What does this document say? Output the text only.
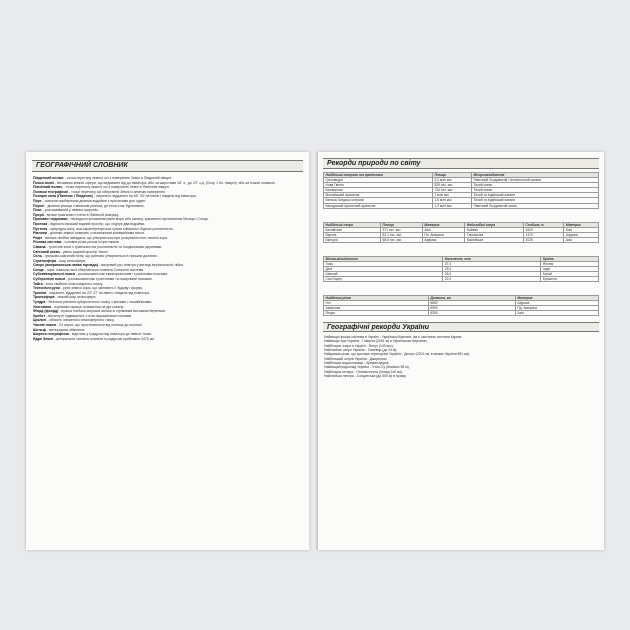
ГЕОГРАФІЧНИЙ СЛОВНИК

Південний полюс - точка перетину земної осі з поверхнею Землі в Південній півкулі.

Пояси земні - великими земної сфери, що видовжені від до екватора, або за широтами 16° з., до 23° з.д. (Сезу, 1 бо. півкулі), або за іншою ознакою.

Північний полюс - точка перетину земної осі з поверхнею Землі в Північній півкулі.

Полюси географічні - точки перетину осі обертання Землі із земною поверхнею.

Полярні кола (Північне і Південне) - паралелі, віддалені на 66° 33' на північ і південь від екватора.

Порт - освоєна прибережна ділянка водойми з причалами для суден.

Порогі - ділянка річища з великим ухилом, де течія стає бурхливою.

Пояс - розташований у певних широтах.

Прерії - великі трав'янисті степи в Північній Америці.

Приливи і відпливи - періодичні коливання рівня моря або океану, зумовлені притяганням Місяця і Сонця.

Протока - відносно вузький водний простір, що з'єднує два водойми.

Пустеля - природна зона, яка характеризується сухим кліматом і бідною рослинністю.

Рівнини - ділянки земної поверхні з незначними коливаннями висот.

Рифт - велика лінійна западина, що утворюється при розсуванні плит земної кори.

Річкова система - головна річка разом із притоками.

Савана - тропічна зона з трав'янистою рослинністю та поодинокими деревами.

Світовий океан - увесь водний простір Землі.

Сель - грязьово-кам'яний потік, що раптово утворюється в гірських долинах.

Стратосфера - шар атмосфери.

Смерч (американська назва торнадо) - вихровий рух повітря у вигляді вертикальної лійки.

Сонце - зоря, навколо якої обертаються планети Сонячної системи.

Субекваторіальні пояси - розташовані між екваторіальним і тропічними поясами.

Субтропічні пояси - розташовані між тропічними та помірними поясами.

Тайга - зона хвойних лісів помірного поясу.

Тектонічні рухи - рухи земної кори, що змінюють її будову і форму.

Тропіки - паралелі, віддалені на 23° 27' на північ і південь від екватора.

Тропосфера - нижній шар атмосфери.

Тундра - безлісна рівнина субарктичного поясу з мохами і лишайниками.

Улоговина - порівняно вузьке пониження на дні океану.

Фіорд (фьорд) - вузька глибока морська затока зі стрімкими високими берегами.

Хребет - витягнуте підвищення з чітко вираженими схилами.

Циклон - область зниженого атмосферного тиску.

Часові пояси - 24 смуги, що простягаються від полюса до полюса.

Шельф - материкова обмілина.

Широта географічна - відстань у градусах від екватора до певної точки.

Ядро Землі - центральна частина планети із радіусом приблизно 3470 км.

Рекорди природи по світу
Найбільші острови та архіпелаги	Площа	Місцезнаходження
Гренландія	2,2 млн км²	Північний Льодовитий і Атлантичний океани
Нова Гвінея	829 тис. км²	Тихий океан
Калімантан	734 тис. км²	Тихий океан
Малайський архіпелаг	2 млн км²	Тихий та Індійський океани
Велика Зондські острови	1,5 млн км²	Тихий та Індійський океани
Канадський Арктичний архіпелаг	1,3 млн км²	Північний Льодовитий океан
Найбільші озера	Площа	Материк	Найглибші озера	Глибина, м	Материк
Каспійське	371 тис. км²	Азія	Байкал	1620	Азія
Верхнє	82,1 тис. км²	Пн. Америка	Танганьїка	1470	Африка
Вікторія	68,8 тис. км²	Африка	Каспійське	1025	Азія
Міста-мільйонники	Населення, млн	Країна
Токіо	37,4	Японія
Делі	29,4	Індія
Шанхай	26,3	Китай
Сан-Паулу	22,0	Бразилія
Найдовші річки	Довжина, км	Материк
Ніл	6852	Африка
Амазонка	6992	Пд. Америка
Янцзи	6300	Азія
Географічні рекорди України

Найвища гірська система в Україні - Українські Карпати, які є частиною системи Карпат.

Найвища гора України - Говерла (2061 м) в Українських Карпатах.

Найбільше озеро в Україні - Ялпуг (149 км²).

Найглибше озеро України - Синевир (до 24 м).

Найдовша річка, що протікає територією України - Дніпро (2201 км, в межах України 981 км).

Найбільший острів України - Джарилгач.

Найбільше водосховище - Кременчуцьке.

Найвищий водоспад України - Учан-Су (близько 98 м).

Найбільша печера - Оптимістична (понад 240 км).

Найглибша печера - Солдатська (до 500 м) в Криму.
